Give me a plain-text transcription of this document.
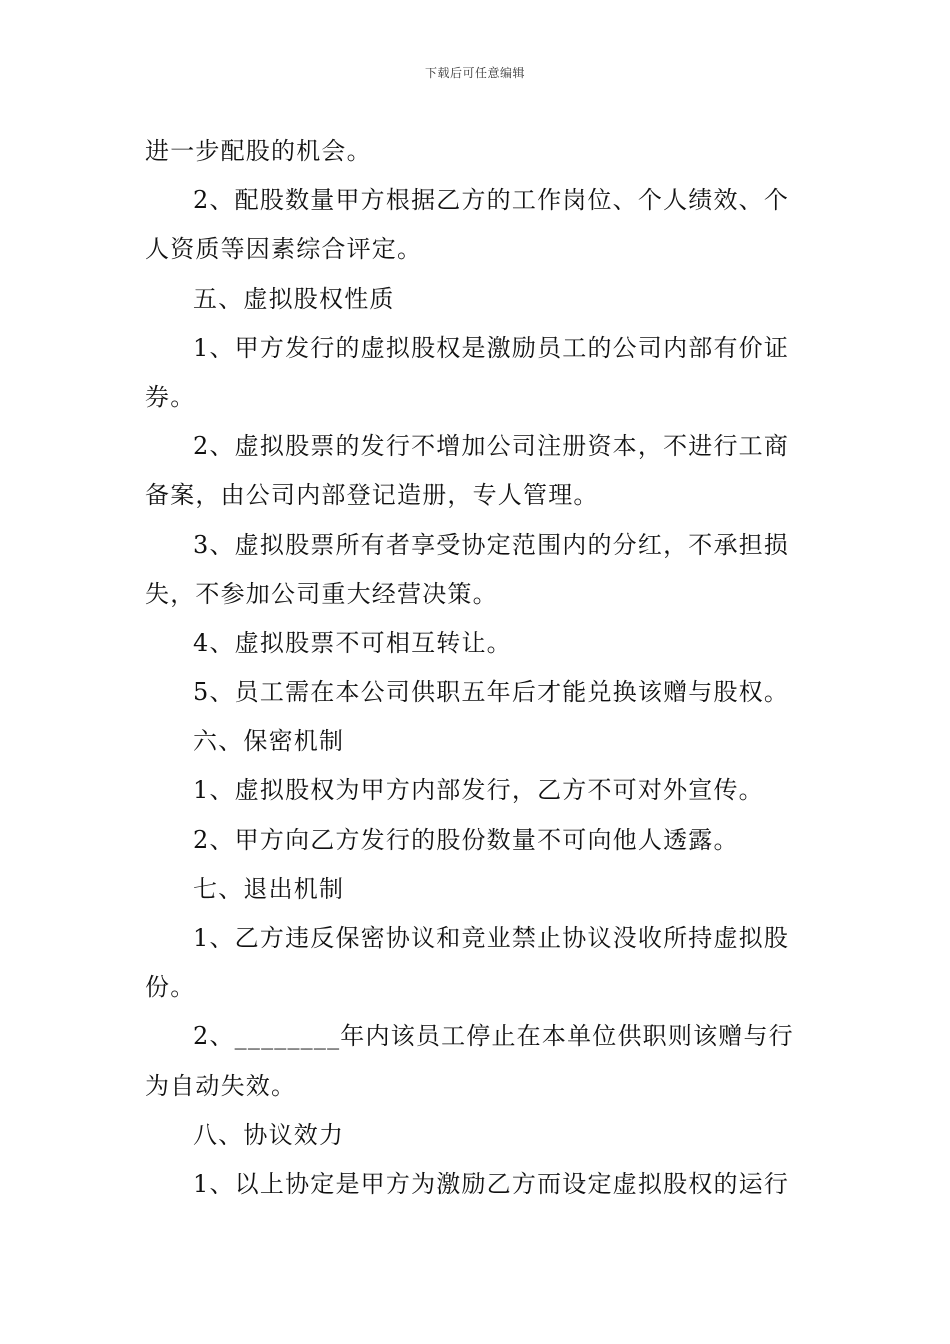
下载后可任意编辑
进一步配股的机会。
2、配股数量甲方根据乙方的工作岗位、个人绩效、个
人资质等因素综合评定。
五、虚拟股权性质
1、甲方发行的虚拟股权是激励员工的公司内部有价证
券。
2、虚拟股票的发行不增加公司注册资本，不进行工商
备案，由公司内部登记造册，专人管理。
3、虚拟股票所有者享受协定范围内的分红，不承担损
失，不参加公司重大经营决策。
4、虚拟股票不可相互转让。
5、员工需在本公司供职五年后才能兑换该赠与股权。
六、保密机制
1、虚拟股权为甲方内部发行，乙方不可对外宣传。
2、甲方向乙方发行的股份数量不可向他人透露。
七、退出机制
1、乙方违反保密协议和竞业禁止协议没收所持虚拟股
份。
2、________年内该员工停止在本单位供职则该赠与行
为自动失效。
八、协议效力
1、以上协定是甲方为激励乙方而设定虚拟股权的运行
